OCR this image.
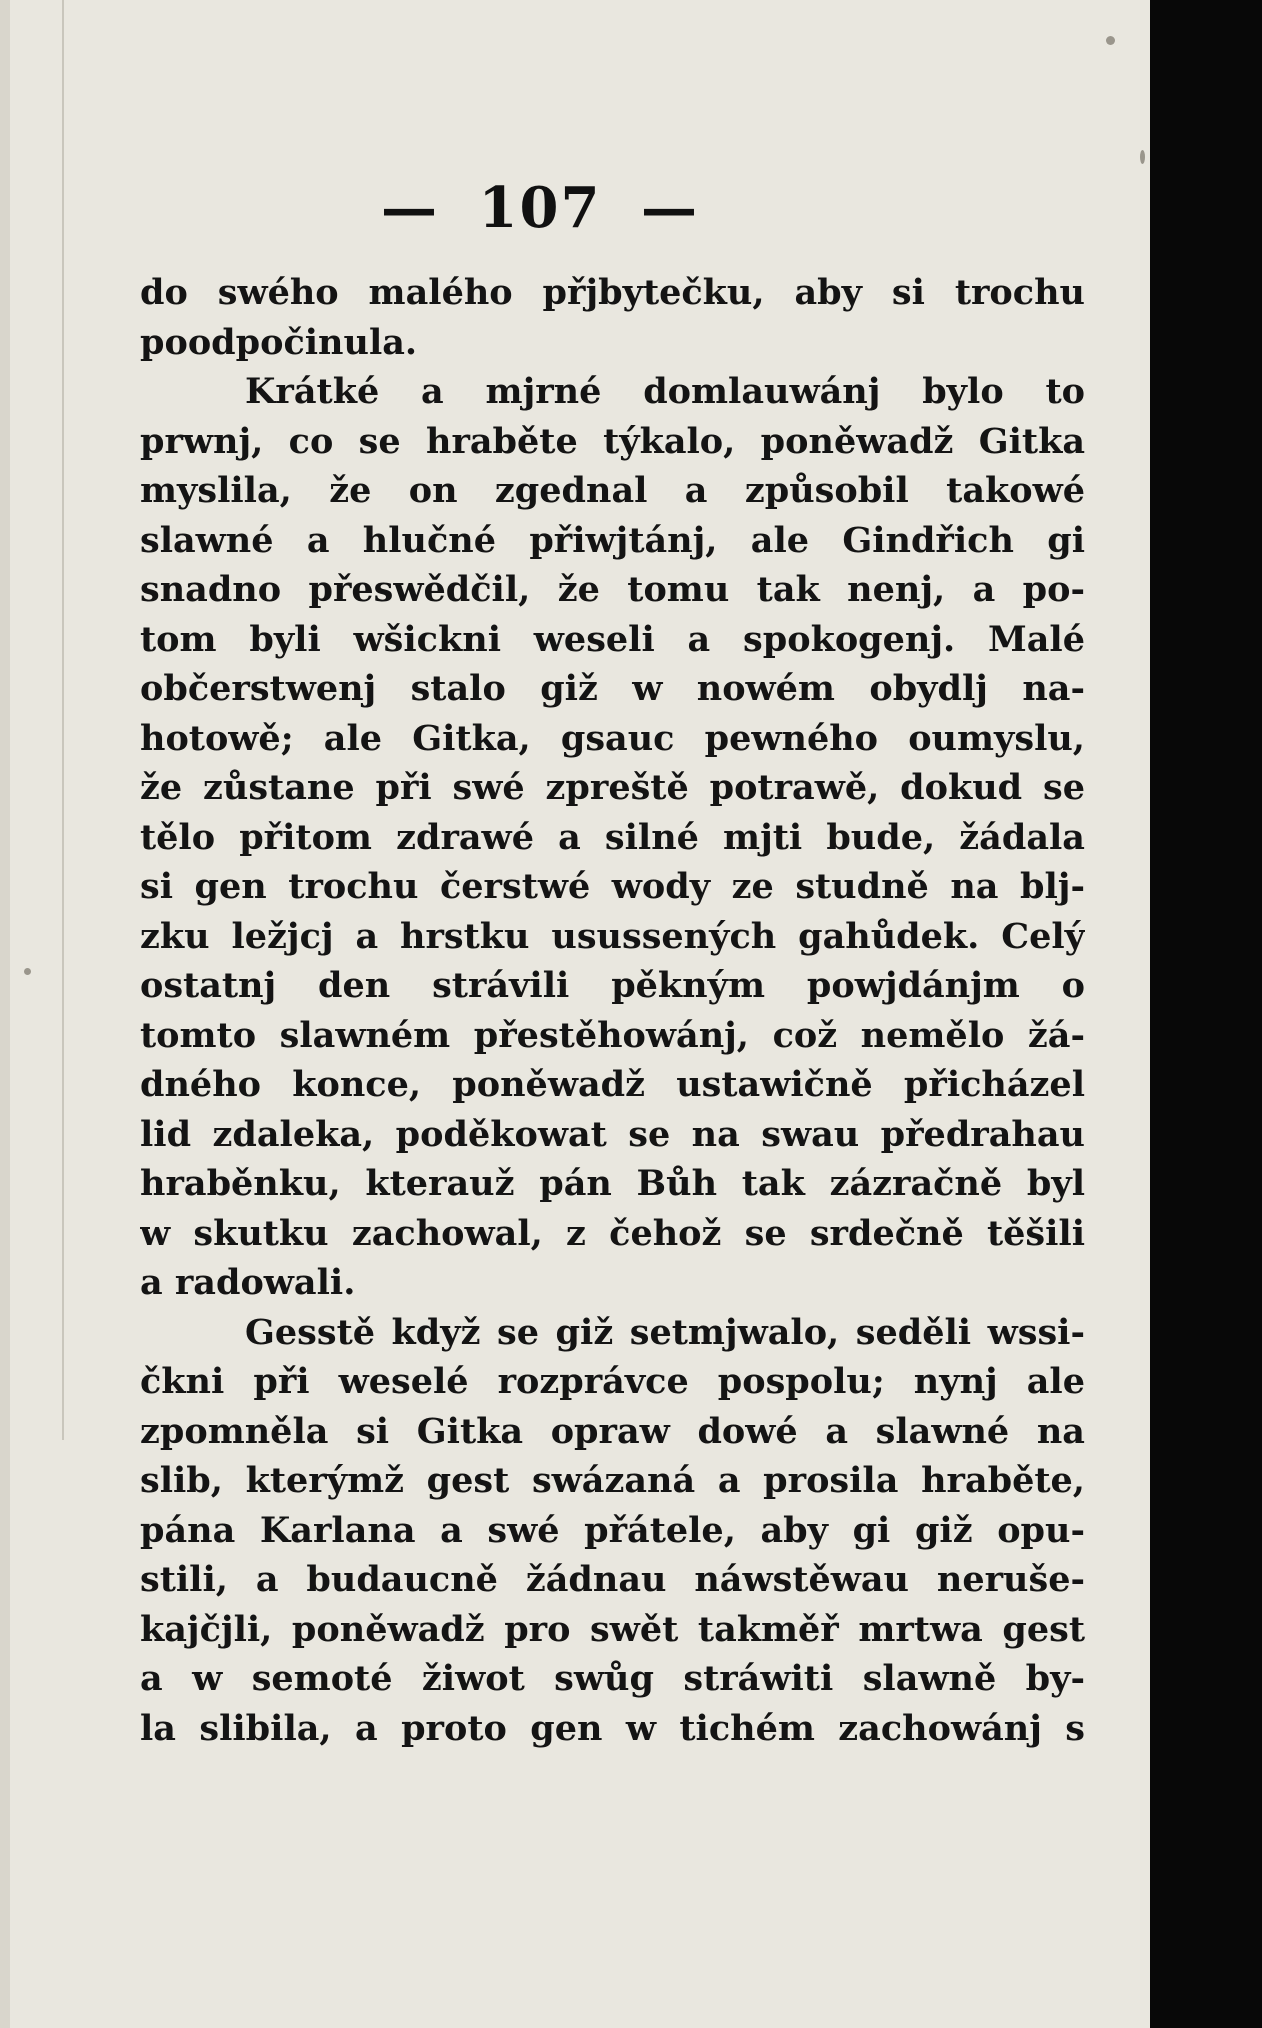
— 107 —
do swého malého přjbytečku, aby si trochu
poodpočinula.
Krátké a mjrné domlauwánj bylo to
prwnj, co se hraběte týkalo, poněwadž Gitka
myslila, že on zgednal a způsobil takowé
slawné a hlučné přiwjtánj, ale Gindřich gi
snadno přeswědčil, že tomu tak nenj, a po-
tom byli wšickni weseli a spokogenj. Malé
občerstwenj stalo giž w nowém obydlj na-
hotowě; ale Gitka, gsauc pewného oumyslu,
že zůstane při swé zpreště potrawě, dokud se
tělo přitom zdrawé a silné mjti bude, žádala
si gen trochu čerstwé wody ze studně na blj-
zku ležjcj a hrstku usussených gahůdek. Celý
ostatnj den strávili pěkným powjdánjm o
tomto slawném přestěhowánj, což nemělo žá-
dného konce, poněwadž ustawičně přicházel
lid zdaleka, poděkowat se na swau předrahau
hraběnku, kterauž pán Bůh tak zázračně byl
w skutku zachowal, z čehož se srdečně těšili
a radowali.
Gesstě když se giž setmjwalo, seděli wssi-
čkni při weselé rozprávce pospolu; nynj ale
zpomněla si Gitka opraw dowé a slawné na
slib, kterýmž gest swázaná a prosila hraběte,
pána Karlana a swé přátele, aby gi giž opu-
stili, a budaucně žádnau náwstěwau neruše-
kajčjli, poněwadž pro swět takměř mrtwa gest
a w semoté žiwot swůg stráwiti slawně by-
la slibila, a proto gen w tichém zachowánj s
